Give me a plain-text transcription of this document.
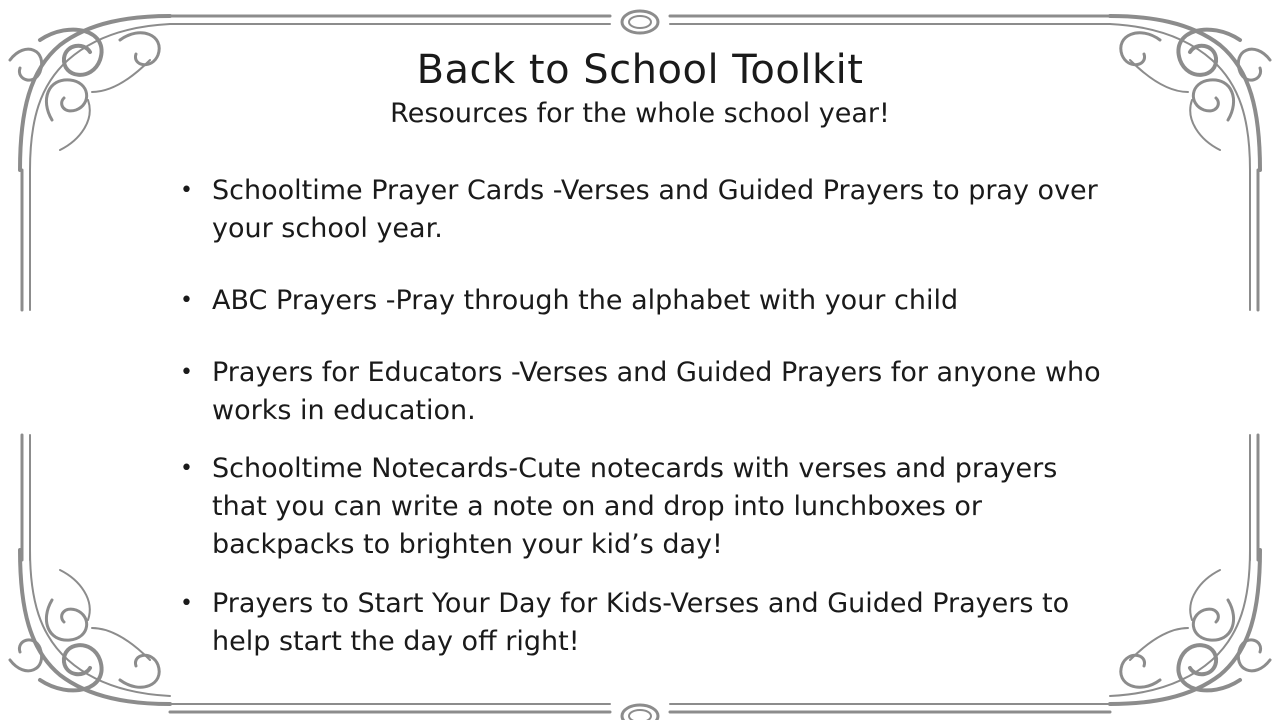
Back to School Toolkit
Resources for the whole school year!
• Schooltime Prayer Cards -Verses and Guided Prayers to pray over your school year.
• ABC Prayers -Pray through the alphabet with your child
• Prayers for Educators -Verses and Guided Prayers for anyone who works in education.
• Schooltime Notecards-Cute notecards with verses and prayers that you can write a note on and drop into lunchboxes or backpacks to brighten your kid’s day!
• Prayers to Start Your Day for Kids-Verses and Guided Prayers to help start the day off right!
